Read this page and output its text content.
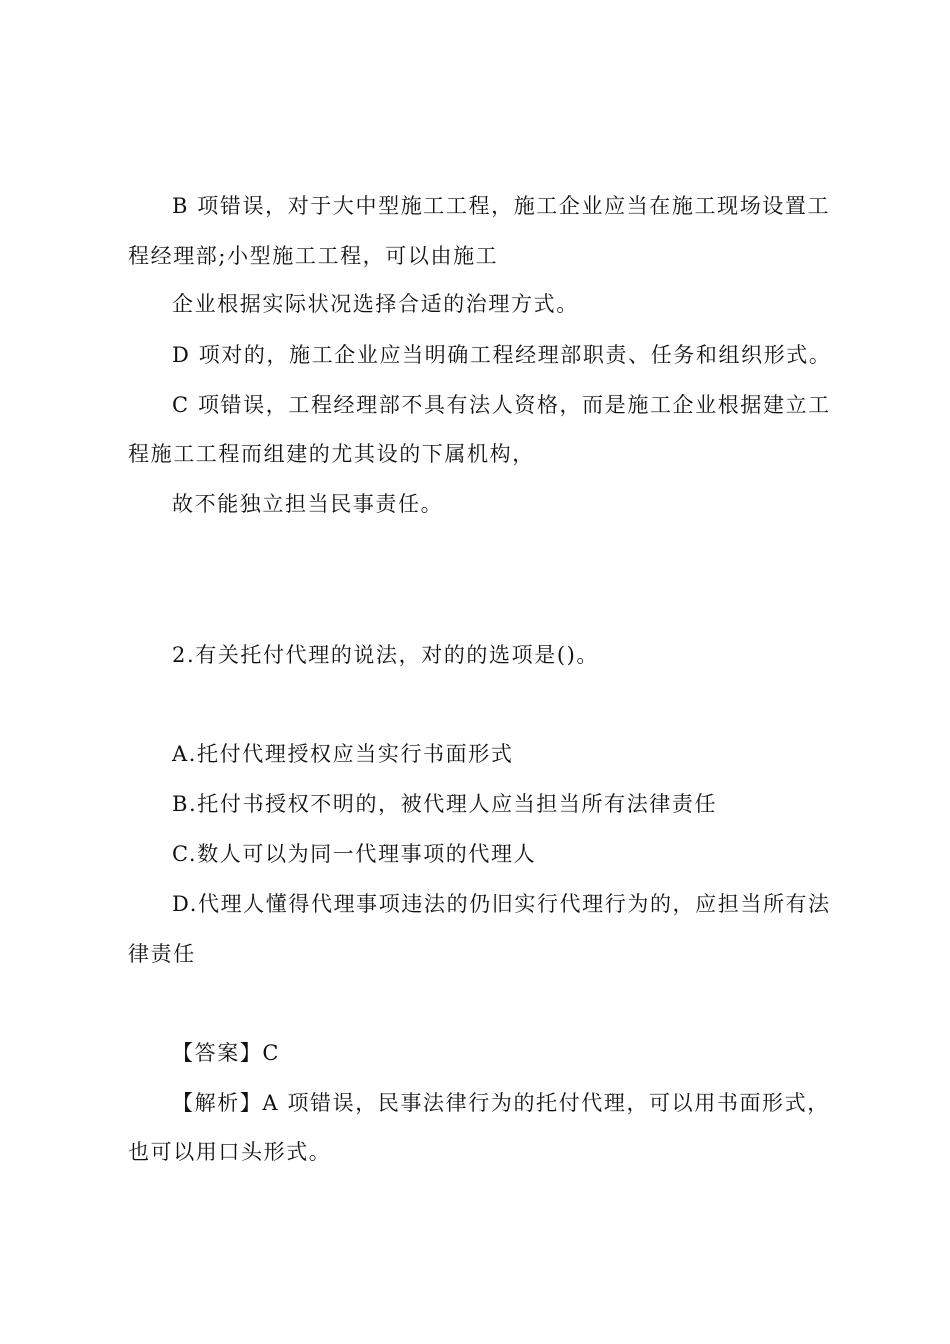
B 项错误，对于大中型施工工程，施工企业应当在施工现场设置工
程经理部;小型施工工程，可以由施工
企业根据实际状况选择合适的治理方式。
D 项对的，施工企业应当明确工程经理部职责、任务和组织形式。
C 项错误，工程经理部不具有法人资格，而是施工企业根据建立工
程施工工程而组建的尤其设的下属机构，
故不能独立担当民事责任。
2.有关托付代理的说法，对的的选项是()。
A.托付代理授权应当实行书面形式
B.托付书授权不明的，被代理人应当担当所有法律责任
C.数人可以为同一代理事项的代理人
D.代理人懂得代理事项违法的仍旧实行代理行为的，应担当所有法
律责任
【答案】C
【解析】A 项错误，民事法律行为的托付代理，可以用书面形式，
也可以用口头形式。
